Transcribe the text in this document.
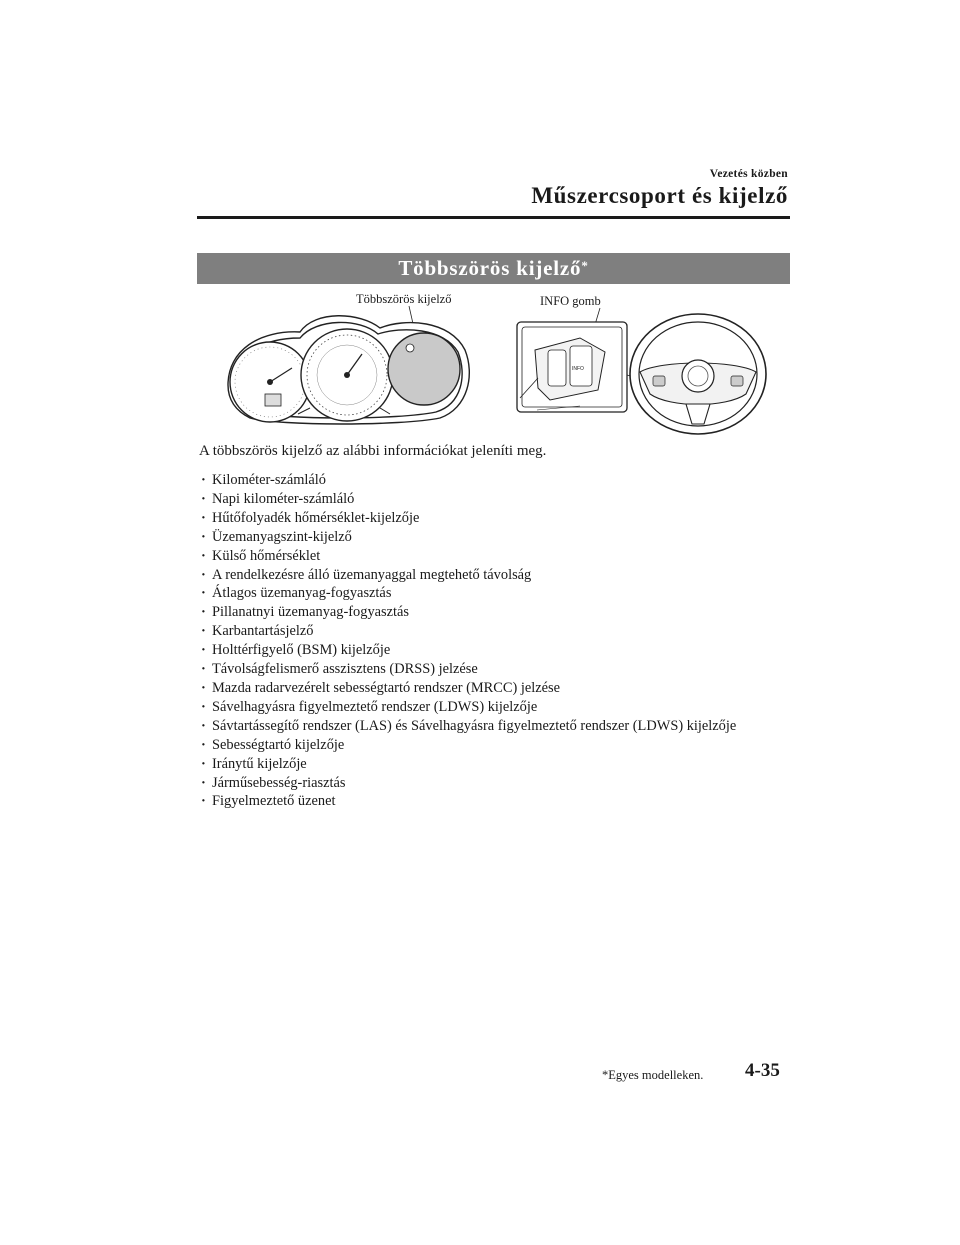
Vezetés közben
Műszercsoport és kijelző
Többszörös kijelző*
Többszörös kijelző	INFO gomb
INFO
A többszörös kijelző az alábbi információkat jeleníti meg.
· Kilométer-számláló
· Napi kilométer-számláló
· Hűtőfolyadék hőmérséklet-kijelzője
· Üzemanyagszint-kijelző
· Külső hőmérséklet
· A rendelkezésre álló üzemanyaggal megtehető távolság
· Átlagos üzemanyag-fogyasztás
· Pillanatnyi üzemanyag-fogyasztás
· Karbantartásjelző
· Holttérfigyelő (BSM) kijelzője
· Távolságfelismerő asszisztens (DRSS) jelzése
· Mazda radarvezérelt sebességtartó rendszer (MRCC) jelzése
· Sávelhagyásra figyelmeztető rendszer (LDWS) kijelzője
· Sávtartássegítő rendszer (LAS) és Sávelhagyásra figyelmeztető rendszer (LDWS) kijelzője
· Sebességtartó kijelzője
· Iránytű kijelzője
· Járműsebesség-riasztás
· Figyelmeztető üzenet
*Egyes modelleken. 4-35
